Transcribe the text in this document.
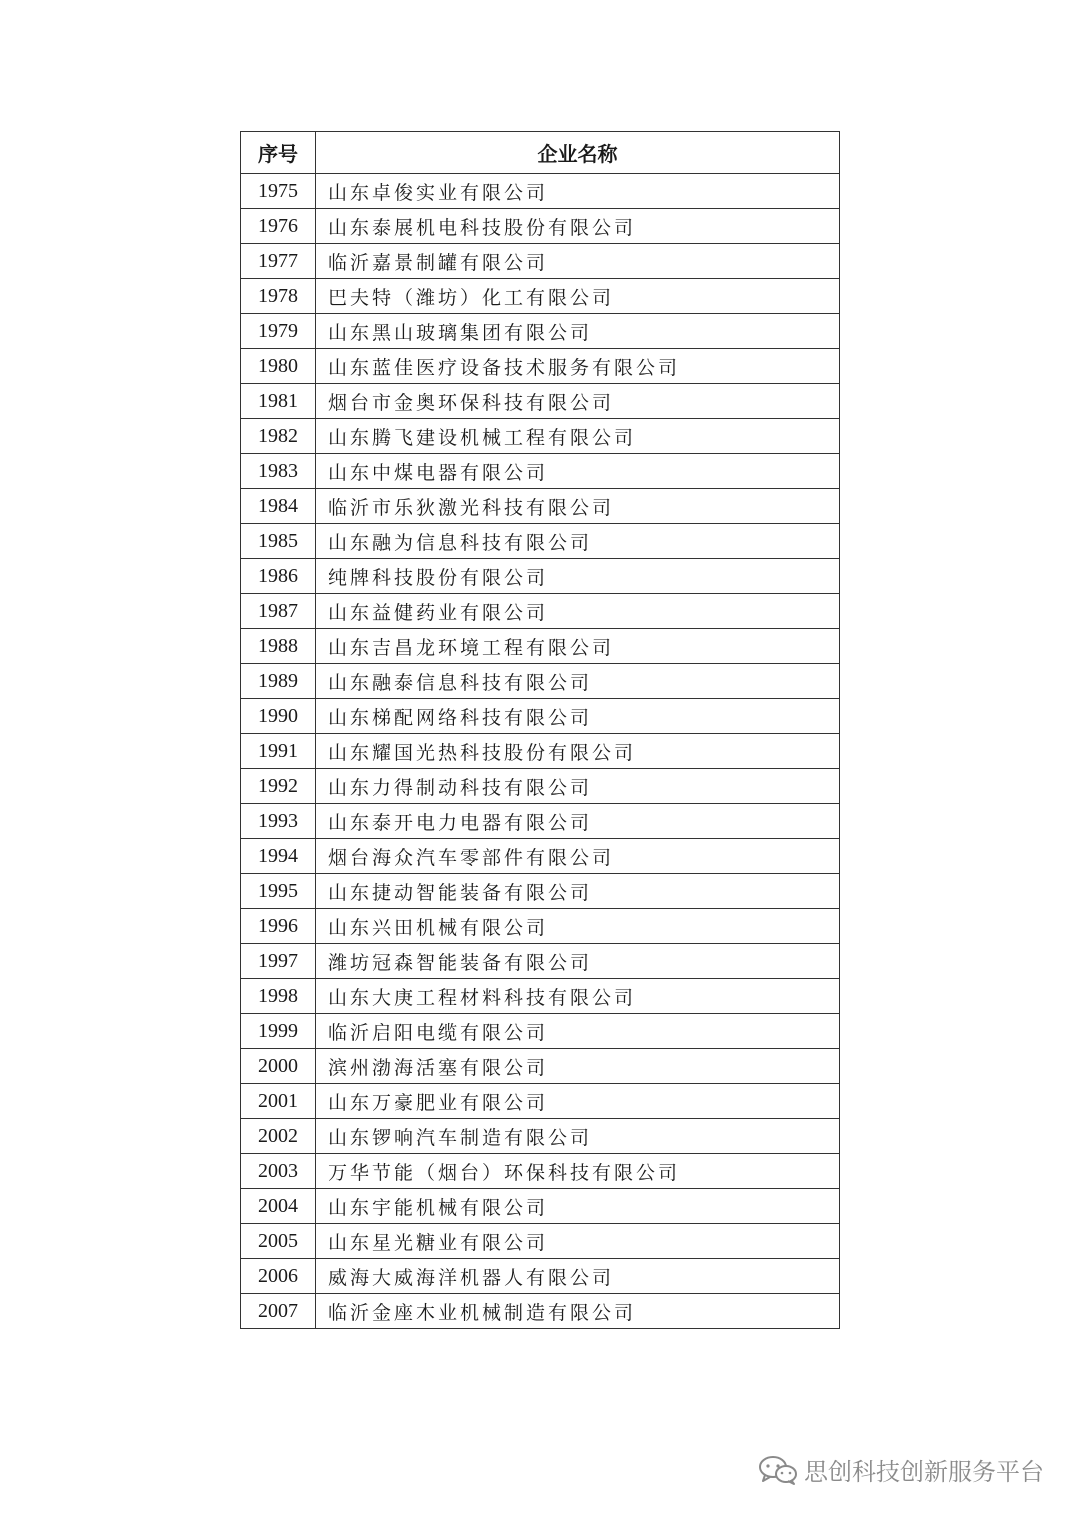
序号	企业名称
1975	山东卓俊实业有限公司
1976	山东泰展机电科技股份有限公司
1977	临沂嘉景制罐有限公司
1978	巴夫特（潍坊）化工有限公司
1979	山东黑山玻璃集团有限公司
1980	山东蓝佳医疗设备技术服务有限公司
1981	烟台市金奥环保科技有限公司
1982	山东腾飞建设机械工程有限公司
1983	山东中煤电器有限公司
1984	临沂市乐狄激光科技有限公司
1985	山东融为信息科技有限公司
1986	纯牌科技股份有限公司
1987	山东益健药业有限公司
1988	山东吉昌龙环境工程有限公司
1989	山东融泰信息科技有限公司
1990	山东梯配网络科技有限公司
1991	山东耀国光热科技股份有限公司
1992	山东力得制动科技有限公司
1993	山东泰开电力电器有限公司
1994	烟台海众汽车零部件有限公司
1995	山东捷动智能装备有限公司
1996	山东兴田机械有限公司
1997	潍坊冠森智能装备有限公司
1998	山东大庚工程材料科技有限公司
1999	临沂启阳电缆有限公司
2000	滨州渤海活塞有限公司
2001	山东万豪肥业有限公司
2002	山东锣响汽车制造有限公司
2003	万华节能（烟台）环保科技有限公司
2004	山东宇能机械有限公司
2005	山东星光糖业有限公司
2006	威海大威海洋机器人有限公司
2007	临沂金座木业机械制造有限公司
思创科技创新服务平台
